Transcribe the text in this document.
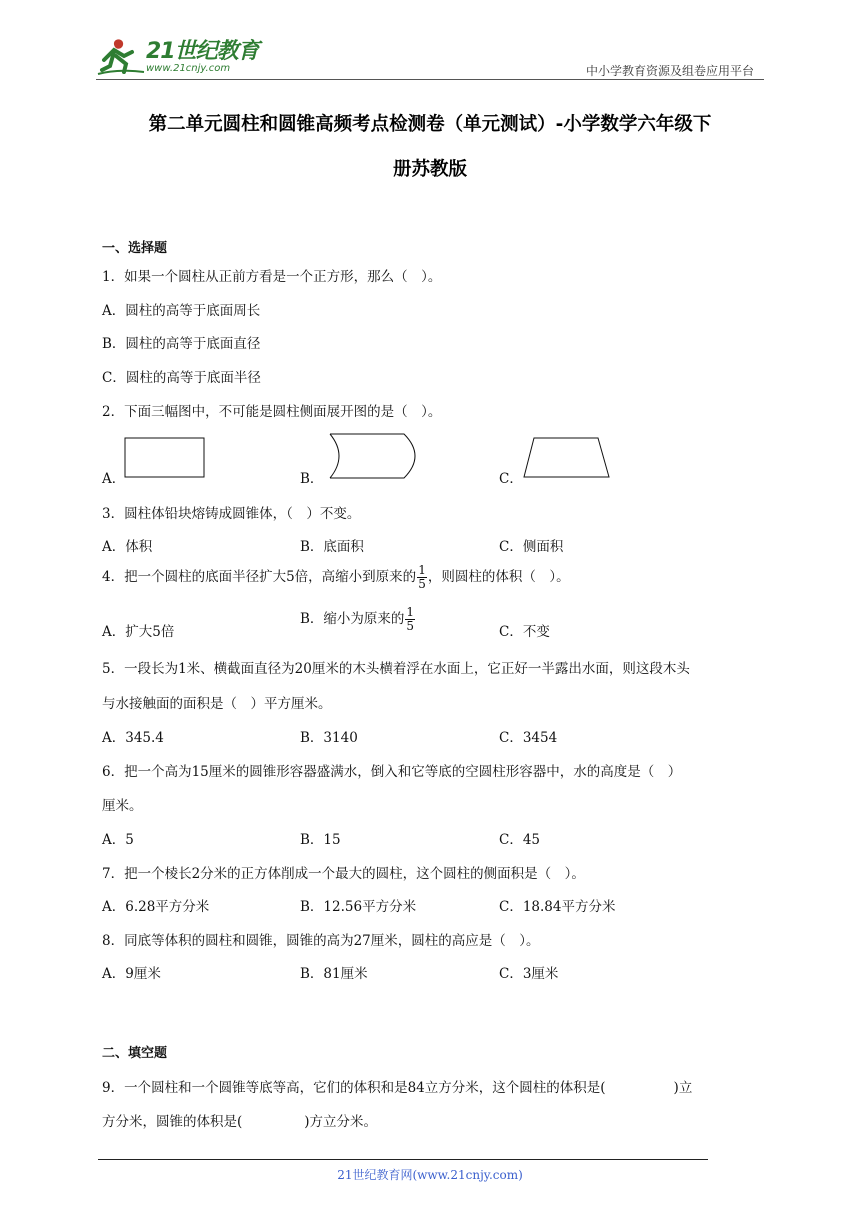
21世纪教育
www.21cnjy.com	中小学教育资源及组卷应用平台
第二单元圆柱和圆锥高频考点检测卷（单元测试）-小学数学六年级下
册苏教版
一、选择题
1．如果一个圆柱从正前方看是一个正方形，那么（　）。
A．圆柱的高等于底面周长
B．圆柱的高等于底面直径
C．圆柱的高等于底面半径
2．下面三幅图中，不可能是圆柱侧面展开图的是（　）。
A．	B．	C．
3．圆柱体铅块熔铸成圆锥体，（　）不变。
A．体积	B．底面积	C．侧面积
4．把一个圆柱的底面半径扩大5倍，高缩小到原来的 $\frac{1}{5}$ ，则圆柱的体积（　）。
A．扩大5倍
B．缩小为原来的 $\frac{1}{5}$	C．不变
5．一段长为1米、横截面直径为20厘米的木头横着浮在水面上，它正好一半露出水面，则这段木头
与水接触面的面积是（　）平方厘米。
A．345.4	B．3140	C．3454
6．把一个高为15厘米的圆锥形容器盛满水，倒入和它等底的空圆柱形容器中，水的高度是（　）
厘米。
A．5	B．15	C．45
7．把一个棱长2分米的正方体削成一个最大的圆柱，这个圆柱的侧面积是（　）。
A．6.28平方分米	B．12.56平方分米	C．18.84平方分米
8．同底等体积的圆柱和圆锥，圆锥的高为27厘米，圆柱的高应是（　）。
A．9厘米	B．81厘米	C．3厘米
二、填空题
9．一个圆柱和一个圆锥等底等高，它们的体积和是84立方分米，这个圆柱的体积是(	)立
方分米，圆锥的体积是(	)方立分米。
21世纪教育网(www.21cnjy.com)
